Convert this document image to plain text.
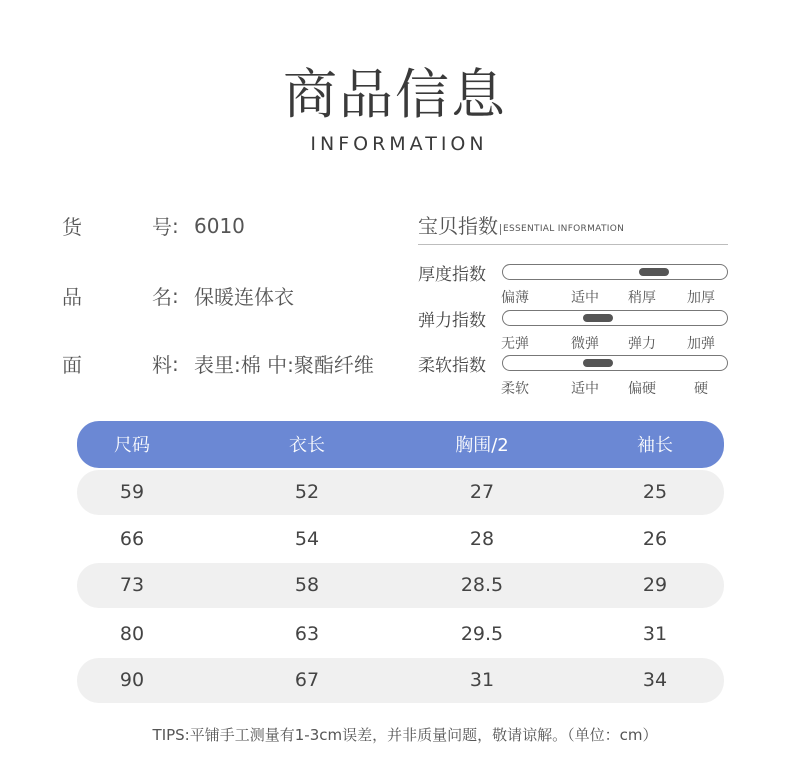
商品信息
INFORMATION
货	号 : 6010
品	名 : 保暖连体衣
面	料 : 表里:棉 中:聚酯纤维
宝贝指数 ESSENTIAL INFORMATION
厚度指数
偏薄	适中	稍厚	加厚
弹力指数
无弹	微弹	弹力	加弹
柔软指数
柔软	适中	偏硬	硬
尺码	衣长	胸围/2	袖长
59	52	27	25
66	54	28	26
73	58	28.5	29
80	63	29.5	31
90	67	31	34
TIPS:平铺手工测量有1-3cm误差，并非质量问题，敬请谅解。（单位：cm）
